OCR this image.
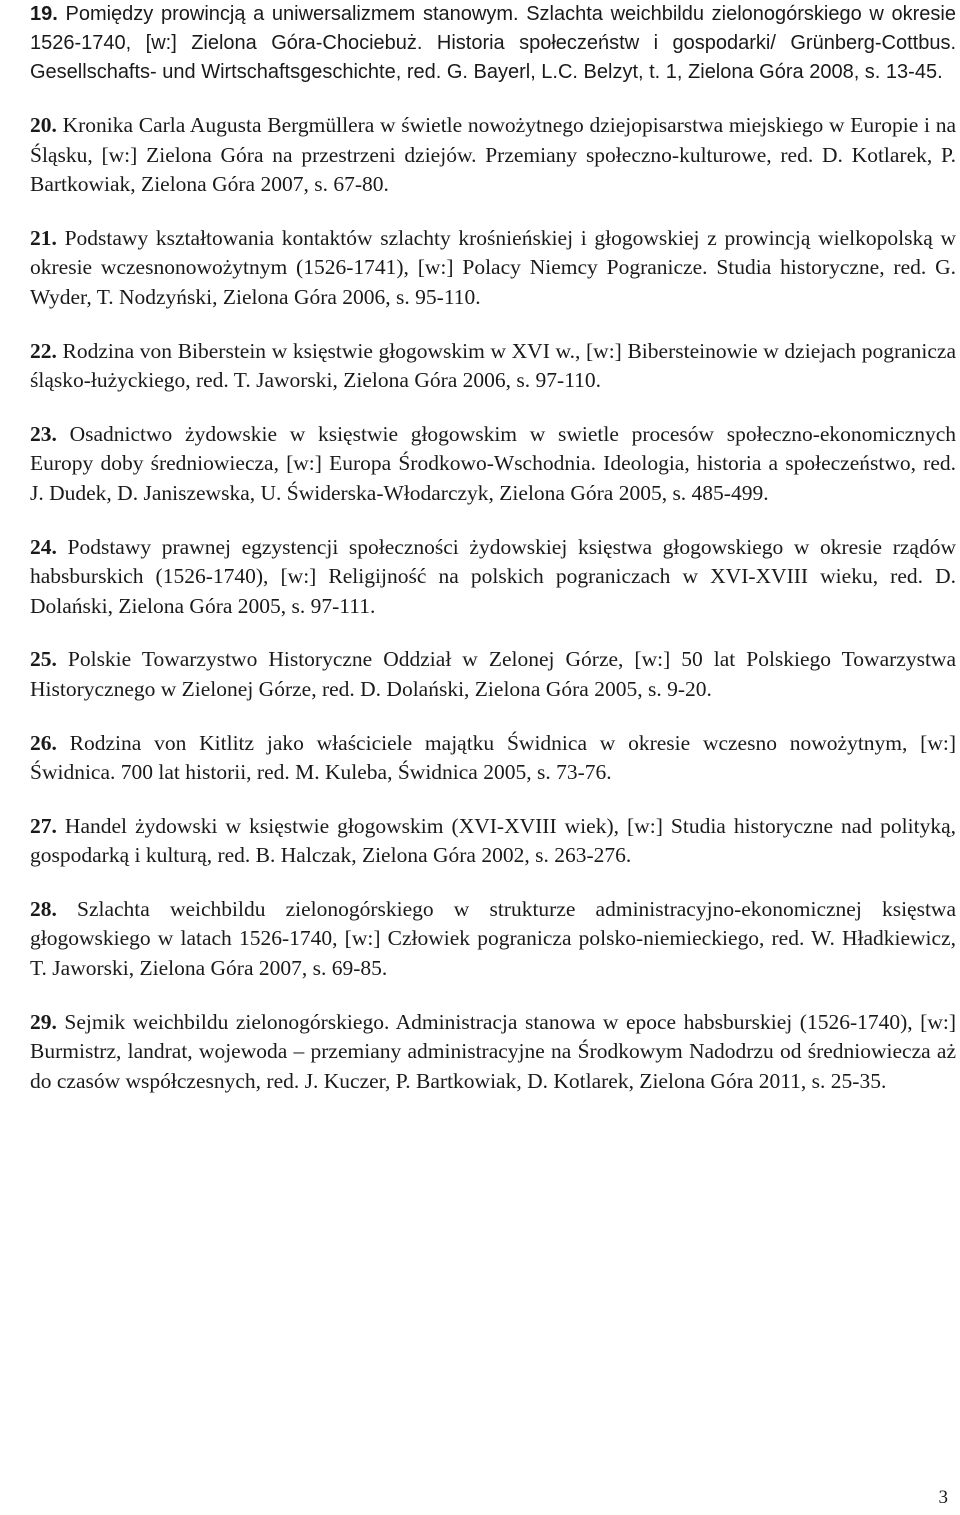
19. Pomiędzy prowincją a uniwersalizmem stanowym. Szlachta weichbildu zielonogórskiego w okresie 1526-1740, [w:] Zielona Góra-Chociebuż. Historia społeczeństw i gospodarki/ Grünberg-Cottbus. Gesellschafts- und Wirtschaftsgeschichte, red. G. Bayerl, L.C. Belzyt, t. 1, Zielona Góra 2008, s. 13-45.

20. Kronika Carla Augusta Bergmüllera w świetle nowożytnego dziejopisarstwa miejskiego w Europie i na Śląsku, [w:] Zielona Góra na przestrzeni dziejów. Przemiany społeczno-kulturowe, red. D. Kotlarek, P. Bartkowiak, Zielona Góra 2007, s. 67-80.

21. Podstawy kształtowania kontaktów szlachty krośnieńskiej i głogowskiej z prowincją wielkopolską w okresie wczesnonowożytnym (1526-1741), [w:] Polacy Niemcy Pogranicze. Studia historyczne, red. G. Wyder, T. Nodzyński, Zielona Góra 2006, s. 95-110.

22. Rodzina von Biberstein w księstwie głogowskim w XVI w., [w:] Bibersteinowie w dziejach pogranicza śląsko-łużyckiego, red. T. Jaworski, Zielona Góra 2006, s. 97-110.

23. Osadnictwo żydowskie w księstwie głogowskim w swietle procesów społeczno-ekonomicznych Europy doby średniowiecza, [w:] Europa Środkowo-Wschodnia. Ideologia, historia a społeczeństwo, red. J. Dudek, D. Janiszewska, U. Świderska-Włodarczyk, Zielona Góra 2005, s. 485-499.

24. Podstawy prawnej egzystencji społeczności żydowskiej księstwa głogowskiego w okresie rządów habsburskich (1526-1740), [w:] Religijność na polskich pograniczach w XVI-XVIII wieku, red. D. Dolański, Zielona Góra 2005, s. 97-111.

25. Polskie Towarzystwo Historyczne Oddział w Zelonej Górze, [w:] 50 lat Polskiego Towarzystwa Historycznego w Zielonej Górze, red. D. Dolański, Zielona Góra 2005, s. 9-20.

26. Rodzina von Kitlitz jako właściciele majątku Świdnica w okresie wczesno nowożytnym, [w:] Świdnica. 700 lat historii, red. M. Kuleba, Świdnica 2005, s. 73-76.

27. Handel żydowski w księstwie głogowskim (XVI-XVIII wiek), [w:] Studia historyczne nad polityką, gospodarką i kulturą, red. B. Halczak, Zielona Góra 2002, s. 263-276.

28. Szlachta weichbildu zielonogórskiego w strukturze administracyjno-ekonomicznej księstwa głogowskiego w latach 1526-1740, [w:] Człowiek pogranicza polsko-niemieckiego, red. W. Hładkiewicz, T. Jaworski, Zielona Góra 2007, s. 69-85.

29. Sejmik weichbildu zielonogórskiego. Administracja stanowa w epoce habsburskiej (1526-1740), [w:] Burmistrz, landrat, wojewoda – przemiany administracyjne na Środkowym Nadodrzu od średniowiecza aż do czasów współczesnych, red. J. Kuczer, P. Bartkowiak, D. Kotlarek, Zielona Góra 2011, s. 25-35.

3
